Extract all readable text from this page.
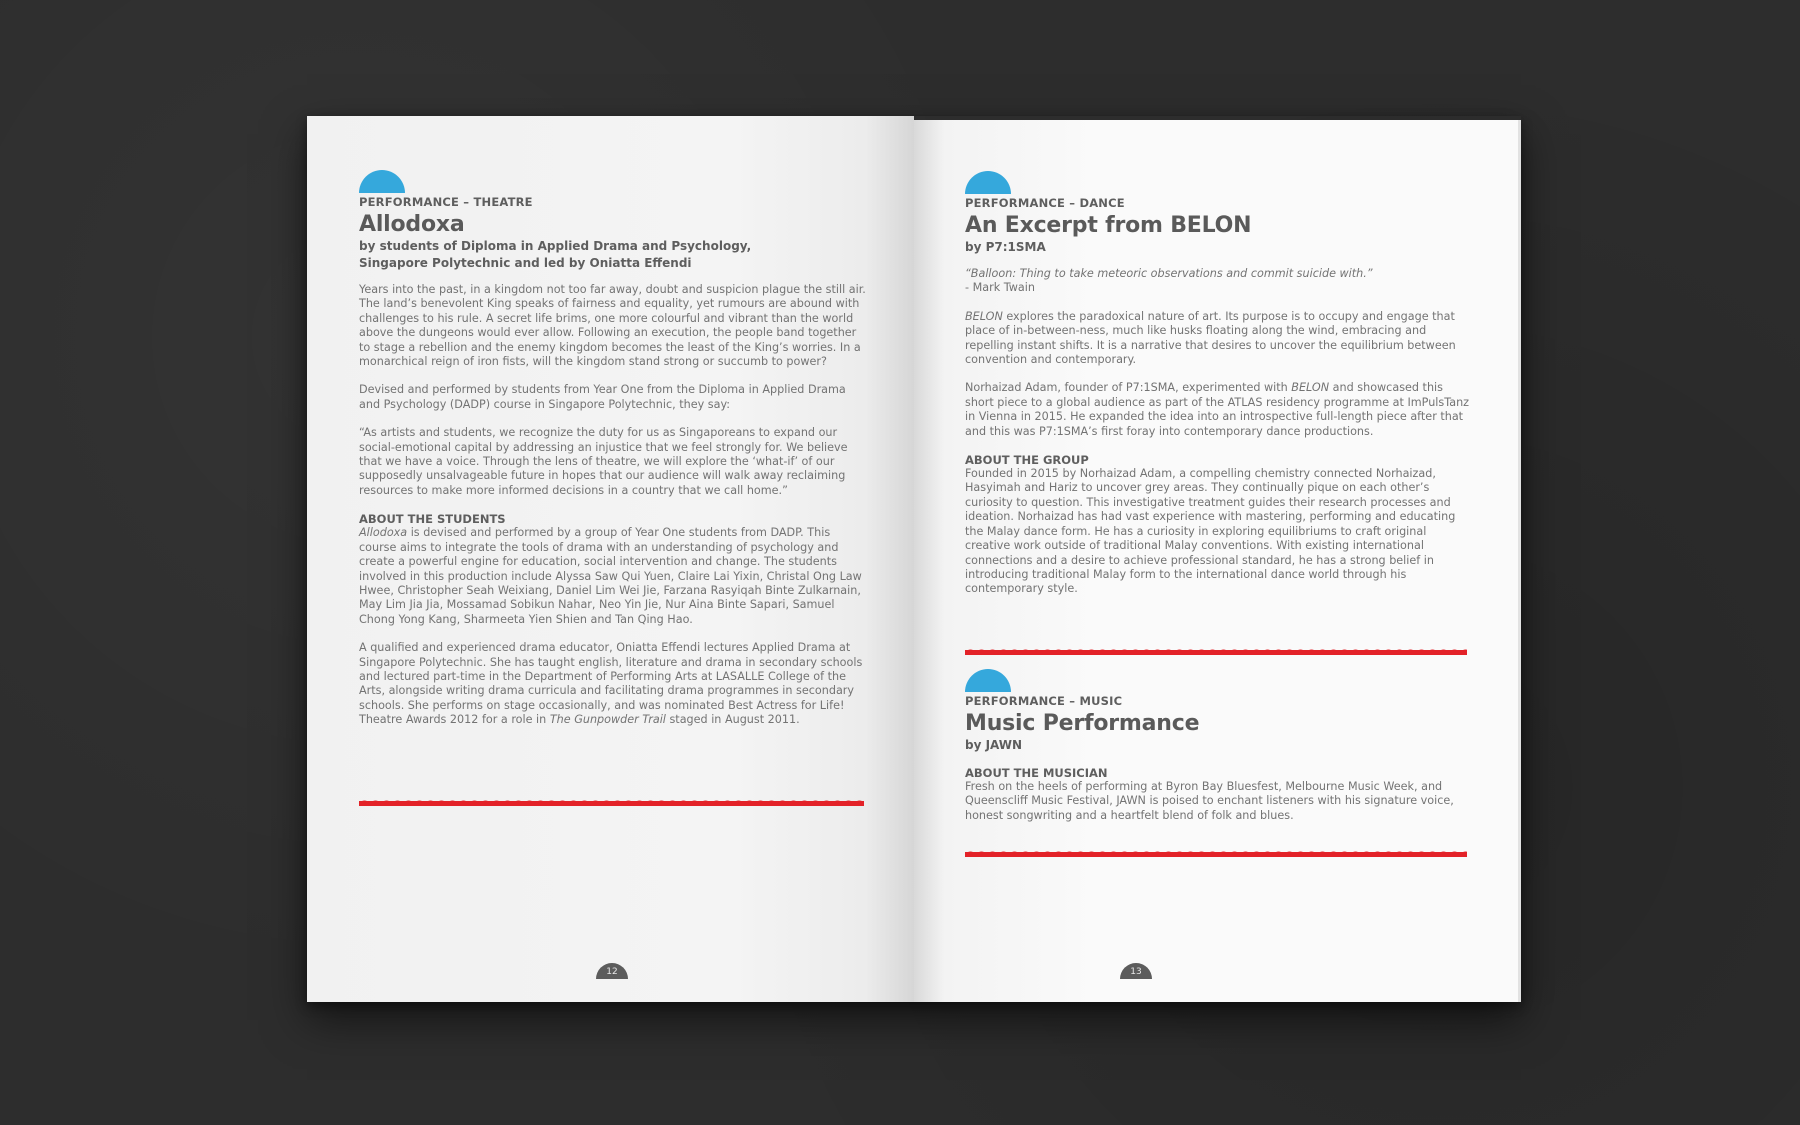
PERFORMANCE – THEATRE
Allodoxa
by students of Diploma in Applied Drama and Psychology,
Singapore Polytechnic and led by Oniatta Effendi

Years into the past, in a kingdom not too far away, doubt and suspicion plague the still air. The land’s benevolent King speaks of fairness and equality, yet rumours are abound with challenges to his rule. A secret life brims, one more colourful and vibrant than the world above the dungeons would ever allow. Following an execution, the people band together to stage a rebellion and the enemy kingdom becomes the least of the King’s worries. In a monarchical reign of iron fists, will the kingdom stand strong or succumb to power?

Devised and performed by students from Year One from the Diploma in Applied Drama and Psychology (DADP) course in Singapore Polytechnic, they say:

“As artists and students, we recognize the duty for us as Singaporeans to expand our social-emotional capital by addressing an injustice that we feel strongly for. We believe that we have a voice. Through the lens of theatre, we will explore the ‘what-if’ of our supposedly unsalvageable future in hopes that our audience will walk away reclaiming resources to make more informed decisions in a country that we call home.”

ABOUT THE STUDENTS

Allodoxa is devised and performed by a group of Year One students from DADP. This course aims to integrate the tools of drama with an understanding of psychology and create a powerful engine for education, social intervention and change. The students involved in this production include Alyssa Saw Qui Yuen, Claire Lai Yixin, Christal Ong Law Hwee, Christopher Seah Weixiang, Daniel Lim Wei Jie, Farzana Rasyiqah Binte Zulkarnain, May Lim Jia Jia, Mossamad Sobikun Nahar, Neo Yin Jie, Nur Aina Binte Sapari, Samuel Chong Yong Kang, Sharmeeta Yien Shien and Tan Qing Hao.

A qualified and experienced drama educator, Oniatta Effendi lectures Applied Drama at Singapore Polytechnic. She has taught english, literature and drama in secondary schools and lectured part-time in the Department of Performing Arts at LASALLE College of the Arts, alongside writing drama curricula and facilitating drama programmes in secondary schools. She performs on stage occasionally, and was nominated Best Actress for Life! Theatre Awards 2012 for a role in The Gunpowder Trail staged in August 2011.

12
PERFORMANCE – DANCE
An Excerpt from BELON
by P7:1SMA

“Balloon: Thing to take meteoric observations and commit suicide with.”

- Mark Twain

BELON explores the paradoxical nature of art. Its purpose is to occupy and engage that place of in-between-ness, much like husks floating along the wind, embracing and repelling instant shifts. It is a narrative that desires to uncover the equilibrium between convention and contemporary.

Norhaizad Adam, founder of P7:1SMA, experimented with BELON and showcased this short piece to a global audience as part of the ATLAS residency programme at ImPulsTanz in Vienna in 2015. He expanded the idea into an introspective full-length piece after that and this was P7:1SMA’s first foray into contemporary dance productions.

ABOUT THE GROUP

Founded in 2015 by Norhaizad Adam, a compelling chemistry connected Norhaizad, Hasyimah and Hariz to uncover grey areas. They continually pique on each other’s curiosity to question. This investigative treatment guides their research processes and ideation. Norhaizad has had vast experience with mastering, performing and educating the Malay dance form. He has a curiosity in exploring equilibriums to craft original creative work outside of traditional Malay conventions. With existing international connections and a desire to achieve professional standard, he has a strong belief in introducing traditional Malay form to the international dance world through his contemporary style.

PERFORMANCE – MUSIC
Music Performance
by JAWN

ABOUT THE MUSICIAN

Fresh on the heels of performing at Byron Bay Bluesfest, Melbourne Music Week, and Queenscliff Music Festival, JAWN is poised to enchant listeners with his signature voice, honest songwriting and a heartfelt blend of folk and blues.

13
